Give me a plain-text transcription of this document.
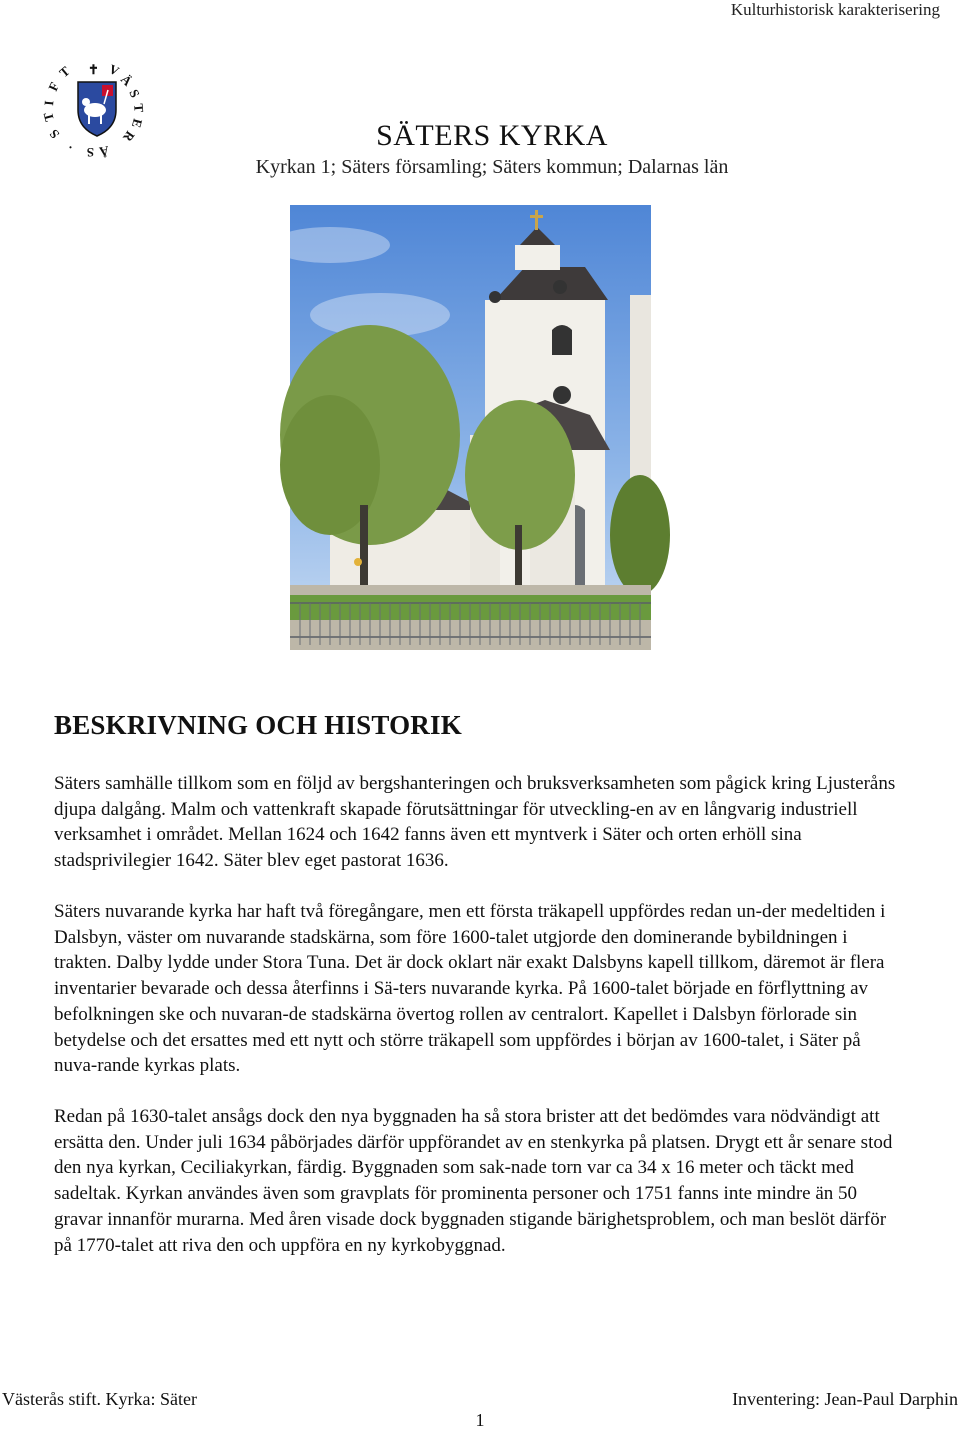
Kulturhistorisk karakterisering
T
F
I
T
S
✝ V
Ä
S
T
E
R
Å
S
·	SÄTERS KYRKA
Kyrkan 1; Säters församling; Säters kommun; Dalarnas län
BESKRIVNING OCH HISTORIK

Säters samhälle tillkom som en följd av bergshanteringen och bruksverksamheten som pågick kring Ljusteråns djupa dalgång. Malm och vattenkraft skapade förutsättningar för utveckling-en av en långvarig industriell verksamhet i området. Mellan 1624 och 1642 fanns även ett myntverk i Säter och orten erhöll sina stadsprivilegier 1642. Säter blev eget pastorat 1636.

Säters nuvarande kyrka har haft två föregångare, men ett första träkapell uppfördes redan un-der medeltiden i Dalsbyn, väster om nuvarande stadskärna, som före 1600-talet utgjorde den dominerande bybildningen i trakten. Dalby lydde under Stora Tuna. Det är dock oklart när exakt Dalsbyns kapell tillkom, däremot är flera inventarier bevarade och dessa återfinns i Sä-ters nuvarande kyrka. På 1600-talet började en förflyttning av befolkningen ske och nuvaran-de stadskärna övertog rollen av centralort. Kapellet i Dalsbyn förlorade sin betydelse och det ersattes med ett nytt och större träkapell som uppfördes i början av 1600-talet, i Säter på nuva-rande kyrkas plats.

Redan på 1630-talet ansågs dock den nya byggnaden ha så stora brister att det bedömdes vara nödvändigt att ersätta den. Under juli 1634 påbörjades därför uppförandet av en stenkyrka på platsen. Drygt ett år senare stod den nya kyrkan, Ceciliakyrkan, färdig. Byggnaden som sak-nade torn var ca 34 x 16 meter och täckt med sadeltak. Kyrkan användes även som gravplats för prominenta personer och 1751 fanns inte mindre än 50 gravar innanför murarna. Med åren visade dock byggnaden stigande bärighetsproblem, och man beslöt därför på 1770-talet att riva den och uppföra en ny kyrkobyggnad.

Västerås stift. Kyrka: Säter	Inventering: Jean-Paul Darphin
1
